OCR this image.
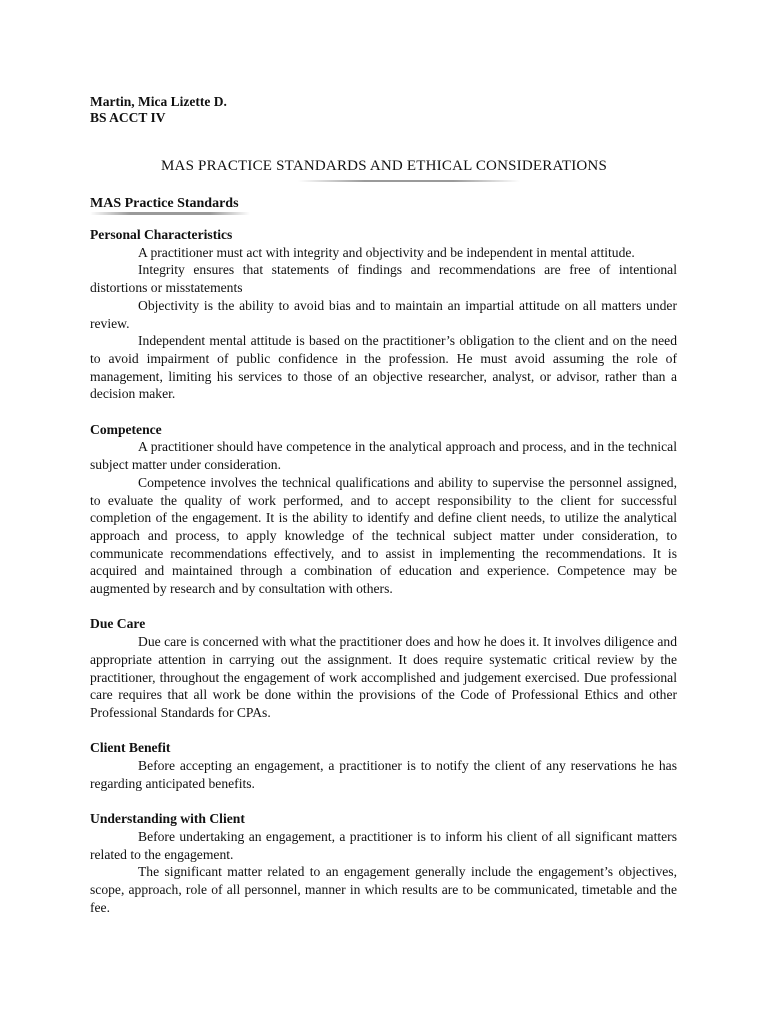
Martin, Mica Lizette D.
BS ACCT IV
MAS PRACTICE STANDARDS AND ETHICAL CONSIDERATIONS
MAS Practice Standards
Personal Characteristics

A practitioner must act with integrity and objectivity and be independent in mental attitude.

Integrity ensures that statements of findings and recommendations are free of intentional distortions or misstatements

Objectivity is the ability to avoid bias and to maintain an impartial attitude on all matters under review.

Independent mental attitude is based on the practitioner’s obligation to the client and on the need to avoid impairment of public confidence in the profession. He must avoid assuming the role of management, limiting his services to those of an objective researcher, analyst, or advisor, rather than a decision maker.

Competence

A practitioner should have competence in the analytical approach and process, and in the technical subject matter under consideration.

Competence involves the technical qualifications and ability to supervise the personnel assigned, to evaluate the quality of work performed, and to accept responsibility to the client for successful completion of the engagement. It is the ability to identify and define client needs, to utilize the analytical approach and process, to apply knowledge of the technical subject matter under consideration, to communicate recommendations effectively, and to assist in implementing the recommendations. It is acquired and maintained through a combination of education and experience. Competence may be augmented by research and by consultation with others.

Due Care

Due care is concerned with what the practitioner does and how he does it. It involves diligence and appropriate attention in carrying out the assignment. It does require systematic critical review by the practitioner, throughout the engagement of work accomplished and judgement exercised. Due professional care requires that all work be done within the provisions of the Code of Professional Ethics and other Professional Standards for CPAs.

Client Benefit

Before accepting an engagement, a practitioner is to notify the client of any reservations he has regarding anticipated benefits.

Understanding with Client

Before undertaking an engagement, a practitioner is to inform his client of all significant matters related to the engagement.

The significant matter related to an engagement generally include the engagement’s objectives, scope, approach, role of all personnel, manner in which results are to be communicated, timetable and the fee.
